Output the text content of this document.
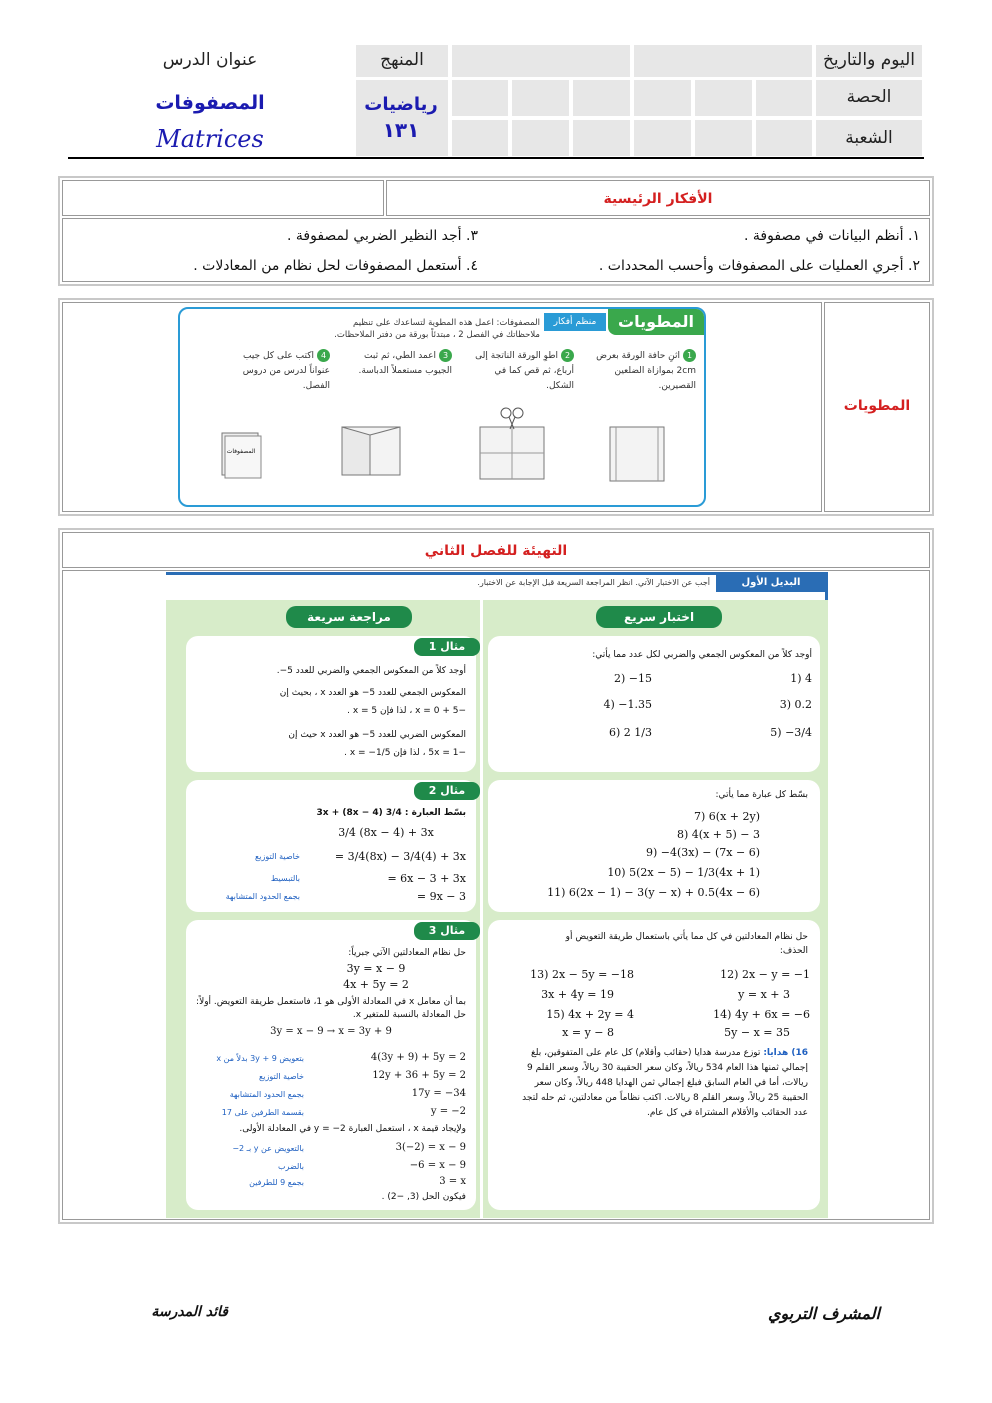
اليوم والتاريخ
المنهج
الحصة
الشعبة
رياضيات
١٣١
عنوان الدرس
المصفوفات
Matrices
الأفكار الرئيسية
١. أنظم البيانات في مصفوفة .
٢. أجري العمليات على المصفوفات وأحسب المحددات .
٣. أجد النظير الضربي لمصفوفة .
٤. أستعمل المصفوفات لحل نظام من المعادلات .
المطويات
المطويات
منظم أفكار
المصفوفات: اعمل هذه المطوية لتساعدك على تنظيم ملاحظاتك في الفصل 2 ، مبتدئاً بورقة من دفتر الملاحظات.
1اثنِ حافة الورقة بعرض 2cm بموازاة الضلعين القصيرين.
2اطوِ الورقة الناتجة إلى أرباع، ثم قص كما في الشكل.
3اعمد الطي، ثم ثبت الجيوب مستعملاً الدباسة.
4اكتب على كل جيب عنواناً لدرس من دروس الفصل.
المصفوفات
التهيئة للفصل الثاني
البديل الأول
أجب عن الاختبار الآتي. انظر المراجعة السريعة قبل الإجابة عن الاختبار.
اختبار سريع
مراجعة سريعة
أوجد كلاً من المعكوس الجمعي والضربي لكل عدد مما يأتي:
1) 4
2) −15
3) 0.2
4) −1.35
5) −3/4
6) 2 1/3
بسّط كل عبارة مما يأتي:
7) 6(x + 2y)
8) 4(x + 5) − 3
9) −4(3x) − (7x − 6)
10) 5(2x − 5) − 1/3(4x + 1)
11) 6(2x − 1) − 3(y − x) + 0.5(4x − 6)
حل نظام المعادلتين في كل مما يأتي باستعمال طريقة التعويض أو الحذف:
12) 2x − y = −1
y = x + 3
13) 2x − 5y = −18
3x + 4y = 19
14) 4y + 6x = −6
5y − x = 35
15) 4x + 2y = 4
x = y − 8
16) هدايا: توزع مدرسة هدايا (حقائب وأقلام) كل عام على المتفوقين، بلغ إجمالي ثمنها هذا العام 534 ريالاً، وكان سعر الحقيبة 30 ريالاً، وسعر القلم 9 ريالات، أما في العام السابق فبلغ إجمالي ثمن الهدايا 448 ريالاً، وكان سعر الحقيبة 25 ريالاً، وسعر القلم 8 ريالات. اكتب نظاماً من معادلتين، ثم حله لتجد عدد الحقائب والأقلام المشتراة في كل عام.
مثال 1
أوجد كلاً من المعكوس الجمعي والضربي للعدد 5−.
المعكوس الجمعي للعدد 5− هو العدد x ، بحيث إن
−5 + x = 0 ، لذا فإن x = 5 .
المعكوس الضربي للعدد 5− هو العدد x حيث إن
−5x = 1 ، لذا فإن x = −1/5 .
مثال 2
بسّط العبارة : 3/4 (8x − 4) + 3x
3/4 (8x − 4) + 3x
= 3/4(8x) − 3/4(4) + 3x
خاصية التوزيع
= 6x − 3 + 3x
بالتبسيط
= 9x − 3
بجمع الحدود المتشابهة
مثال 3
حل نظام المعادلتين الآتي جبرياً:
3y = x − 9
4x + 5y = 2
بما أن معامل x في المعادلة الأولى هو 1، فاستعمل طريقة التعويض. أولاً: حل المعادلة بالنسبة للمتغير x.
3y = x − 9 → x = 3y + 9
4(3y + 9) + 5y = 2
بتعويض 3y + 9 بدلاً من x
12y + 36 + 5y = 2
خاصية التوزيع
17y = −34
بجمع الحدود المتشابهة
y = −2
بقسمة الطرفين على 17
ولإيجاد قيمة x ، استعمل العبارة 2− = y في المعادلة الأولى.
3(−2) = x − 9
بالتعويض عن y بـ 2−
−6 = x − 9
بالضرب
3 = x
بجمع 9 للطرفين
فيكون الحل (3, −2) .
المشرف التربوي
قائد المدرسة
